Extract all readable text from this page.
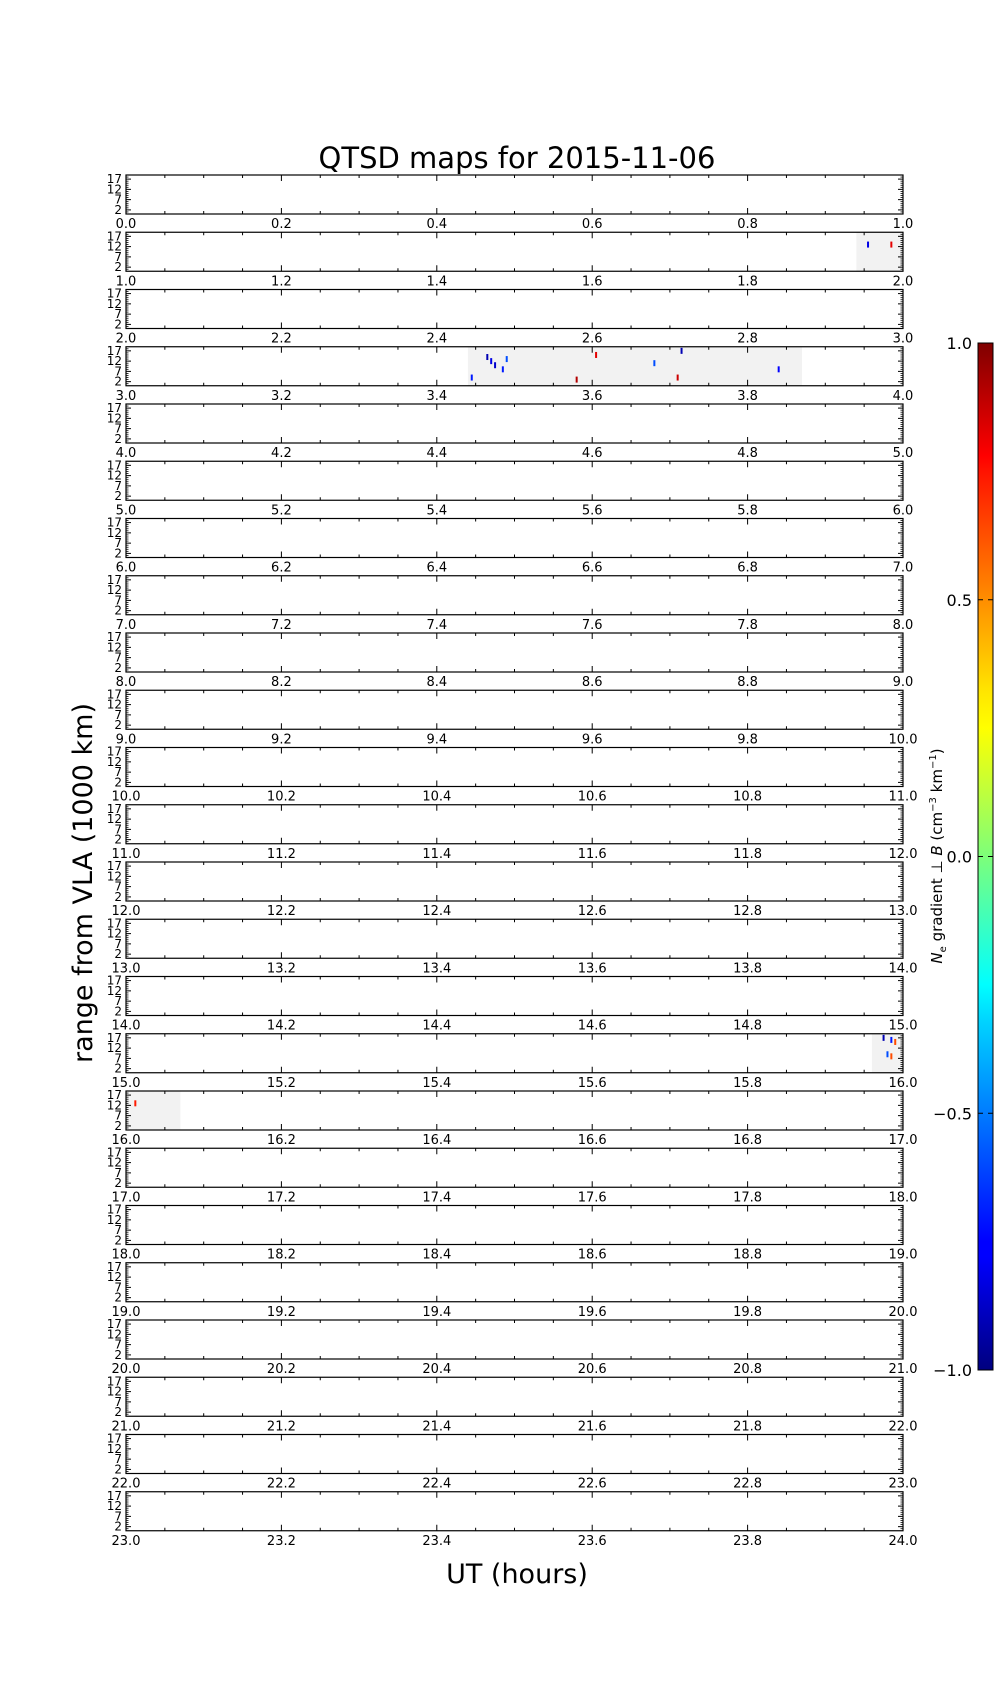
QTSD maps for 2015-11-06
0.0	0.2	0.4	0.6	0.8	1.0
17
12
7
2
1.0	1.2	1.4	1.6	1.8	2.0
17
12
7
2
2.0	2.2	2.4	2.6	2.8	3.0
17
12
7
2
3.0	3.2	3.4	3.6	3.8	4.0
17
12
7
2
4.0	4.2	4.4	4.6	4.8	5.0
17
12
7
2
5.0	5.2	5.4	5.6	5.8	6.0
17
12
7
2
6.0	6.2	6.4	6.6	6.8	7.0
17
12
7
2
7.0	7.2	7.4	7.6	7.8	8.0
17
12
7
2
8.0	8.2	8.4	8.6	8.8	9.0
17
12
7
2
9.0	9.2	9.4	9.6	9.8	10.0
17
12
7
2
10.0	10.2	10.4	10.6	10.8	11.0
17
12
7
2
11.0	11.2	11.4	11.6	11.8	12.0
17
12
7
2
12.0	12.2	12.4	12.6	12.8	13.0
17
12
7
2
13.0	13.2	13.4	13.6	13.8	14.0
17
12
7
2
14.0	14.2	14.4	14.6	14.8	15.0
17
12
7
2
15.0	15.2	15.4	15.6	15.8	16.0
17
12
7
2
16.0	16.2	16.4	16.6	16.8	17.0
17
12
7
2
17.0	17.2	17.4	17.6	17.8	18.0
17
12
7
2
18.0	18.2	18.4	18.6	18.8	19.0
17
12
7
2
19.0	19.2	19.4	19.6	19.8	20.0
17
12
7
2
20.0	20.2	20.4	20.6	20.8	21.0
17
12
7
2
21.0	21.2	21.4	21.6	21.8	22.0
17
12
7
2
22.0	22.2	22.4	22.6	22.8	23.0
17
12
7
2
23.0	23.2	23.4	23.6	23.8	24.0
17
12
7
2
UT (hours)
range from VLA (1000 km)
1.0
0.5
0.0
−0.5
−1.0
$N_e$ gradient ⊥ B ($cm^{-3}$ $km^{-1}$)
